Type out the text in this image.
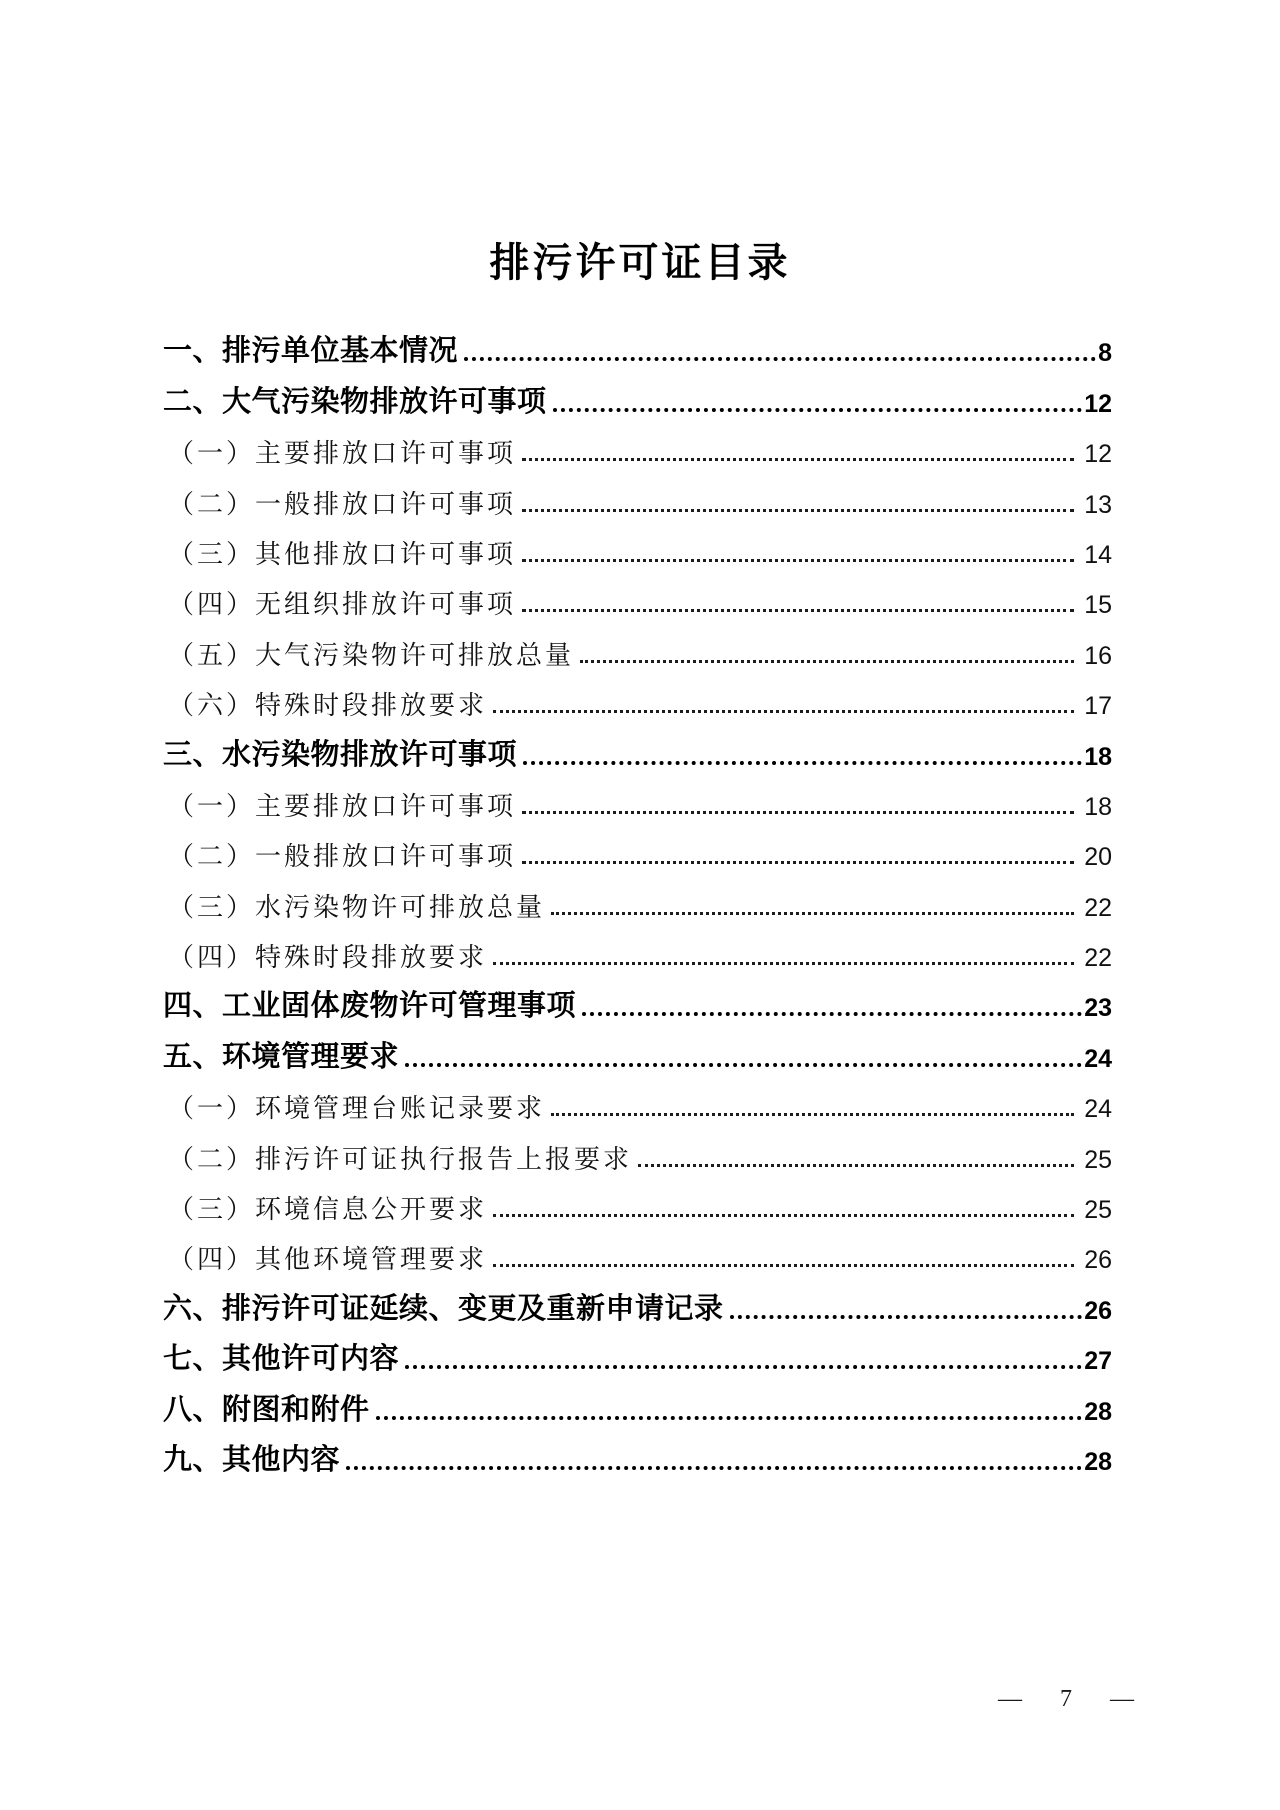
排污许可证目录
一、排污单位基本情况	8
二、大气污染物排放许可事项	12
（一）主要排放口许可事项	12
（二）一般排放口许可事项	13
（三）其他排放口许可事项	14
（四）无组织排放许可事项	15
（五）大气污染物许可排放总量	16
（六）特殊时段排放要求	17
三、水污染物排放许可事项	18
（一）主要排放口许可事项	18
（二）一般排放口许可事项	20
（三）水污染物许可排放总量	22
（四）特殊时段排放要求	22
四、工业固体废物许可管理事项	23
五、环境管理要求	24
（一）环境管理台账记录要求	24
（二）排污许可证执行报告上报要求	25
（三）环境信息公开要求	25
（四）其他环境管理要求	26
六、排污许可证延续、变更及重新申请记录	26
七、其他许可内容	27
八、附图和附件	28
九、其他内容	28
— 7 —
